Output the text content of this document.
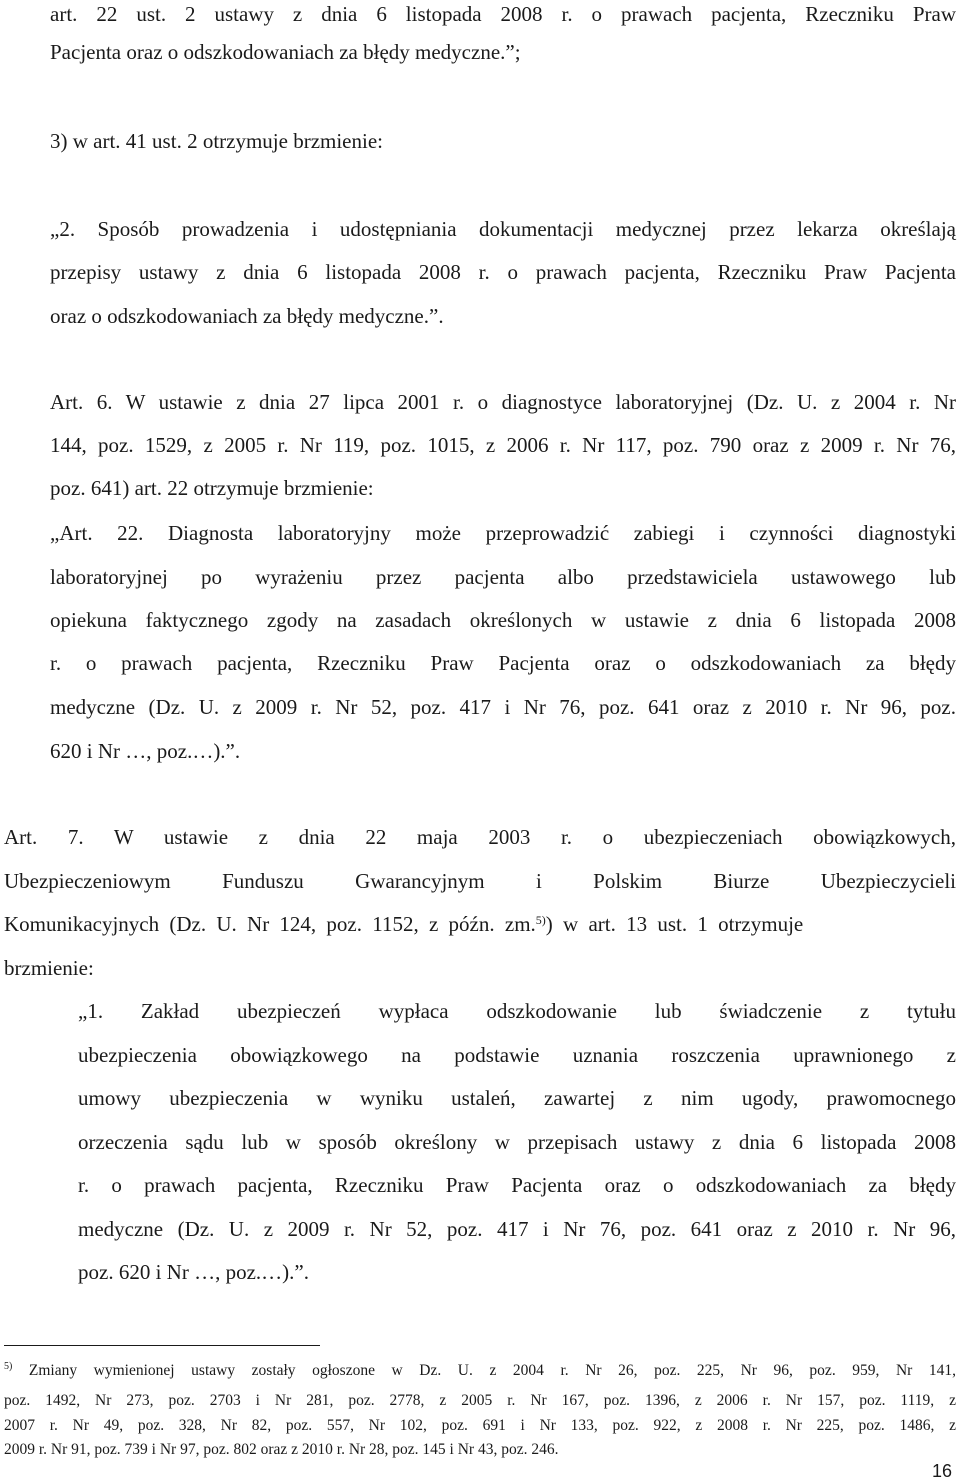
art. 22 ust. 2 ustawy z dnia 6 listopada 2008 r. o prawach pacjenta, Rzeczniku Praw
Pacjenta oraz o odszkodowaniach za błędy medyczne.”;
3) w art. 41 ust. 2 otrzymuje brzmienie:
„2. Sposób prowadzenia i udostępniania dokumentacji medycznej przez lekarza określają
przepisy ustawy z dnia 6 listopada 2008 r. o prawach pacjenta, Rzeczniku Praw Pacjenta
oraz o odszkodowaniach za błędy medyczne.”.
Art. 6. W ustawie z dnia 27 lipca 2001 r. o diagnostyce laboratoryjnej (Dz. U. z 2004 r. Nr
144, poz. 1529, z 2005 r. Nr 119, poz. 1015, z 2006 r. Nr 117, poz. 790 oraz z 2009 r. Nr 76,
poz. 641) art. 22 otrzymuje brzmienie:
„Art. 22. Diagnosta laboratoryjny może przeprowadzić zabiegi i czynności diagnostyki
laboratoryjnej po wyrażeniu przez pacjenta albo przedstawiciela ustawowego lub
opiekuna faktycznego zgody na zasadach określonych w ustawie z dnia 6 listopada 2008
r. o prawach pacjenta, Rzeczniku Praw Pacjenta oraz o odszkodowaniach za błędy
medyczne (Dz. U. z 2009 r. Nr 52, poz. 417 i Nr 76, poz. 641 oraz z 2010 r. Nr 96, poz.
620 i Nr …, poz.…).”.
Art. 7. W ustawie z dnia 22 maja 2003 r. o ubezpieczeniach obowiązkowych,
Ubezpieczeniowym Funduszu Gwarancyjnym i Polskim Biurze Ubezpieczycieli
Komunikacyjnych (Dz. U. Nr 124, poz. 1152, z późn. zm.$^{5)}$) w art. 13 ust. 1 otrzymuje
brzmienie:
„1. Zakład ubezpieczeń wypłaca odszkodowanie lub świadczenie z tytułu
ubezpieczenia obowiązkowego na podstawie uznania roszczenia uprawnionego z
umowy ubezpieczenia w wyniku ustaleń, zawartej z nim ugody, prawomocnego
orzeczenia sądu lub w sposób określony w przepisach ustawy z dnia 6 listopada 2008
r. o prawach pacjenta, Rzeczniku Praw Pacjenta oraz o odszkodowaniach za błędy
medyczne (Dz. U. z 2009 r. Nr 52, poz. 417 i Nr 76, poz. 641 oraz z 2010 r. Nr 96,
poz. 620 i Nr …, poz.…).”.
$^{5)}$ Zmiany wymienionej ustawy zostały ogłoszone w Dz. U. z 2004 r. Nr 26, poz. 225, Nr 96, poz. 959, Nr 141,
poz. 1492, Nr 273, poz. 2703 i Nr 281, poz. 2778, z 2005 r. Nr 167, poz. 1396, z 2006 r. Nr 157, poz. 1119, z
2007 r. Nr 49, poz. 328, Nr 82, poz. 557, Nr 102, poz. 691 i Nr 133, poz. 922, z 2008 r. Nr 225, poz. 1486, z
2009 r. Nr 91, poz. 739 i Nr 97, poz. 802 oraz z 2010 r. Nr 28, poz. 145 i Nr 43, poz. 246.
16
